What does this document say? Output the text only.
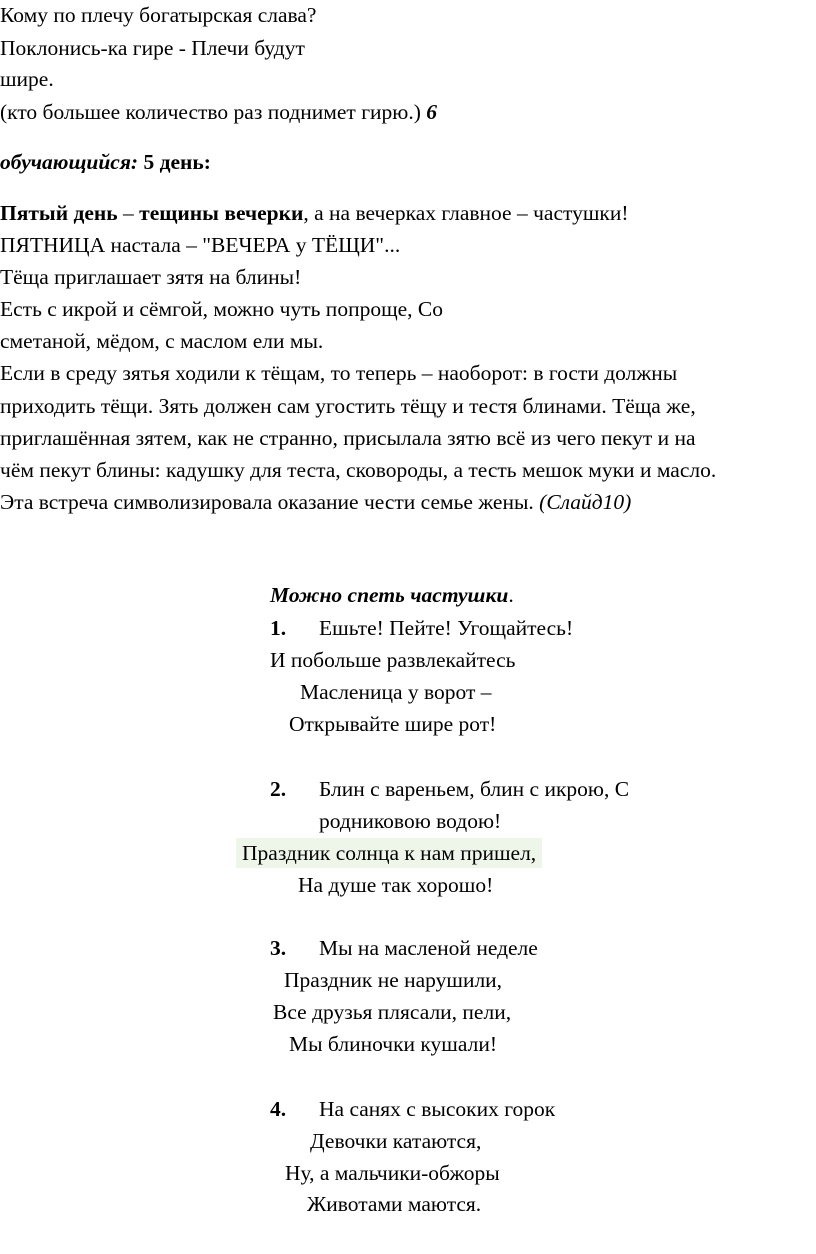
Кому по плечу богатырская слава?
Поклонись-ка гире - Плечи будут
шире.
(кто большее количество раз поднимет гирю.) 6
обучающийся: 5 день:
Пятый день – тещины вечерки, а на вечерках главное – частушки!
ПЯТНИЦА настала – "ВЕЧЕРА у ТЁЩИ"...
Тёща приглашает зятя на блины!
Есть с икрой и сёмгой, можно чуть попроще, Со
сметаной, мёдом, с маслом ели мы.
Если в среду зятья ходили к тёщам, то теперь – наоборот: в гости должны
приходить тёщи. Зять должен сам угостить тёщу и тестя блинами. Тёща же,
приглашённая зятем, как не странно, присылала зятю всё из чего пекут и на
чём пекут блины: кадушку для теста, сковороды, а тесть мешок муки и масло.
Эта встреча символизировала оказание чести семье жены. (Слайд10)
Можно спеть частушки.
1. Ешьте! Пейте! Угощайтесь!
И побольше развлекайтесь
Масленица у ворот –
Открывайте шире рот!
2. Блин с вареньем, блин с икрою, С
родниковою водою!
Праздник солнца к нам пришел,
На душе так хорошо!
3. Мы на масленой неделе
Праздник не нарушили,
Все друзья плясали, пели,
Мы блиночки кушали!
4. На санях с высоких горок
Девочки катаются,
Ну, а мальчики-обжоры
Животами маются.
